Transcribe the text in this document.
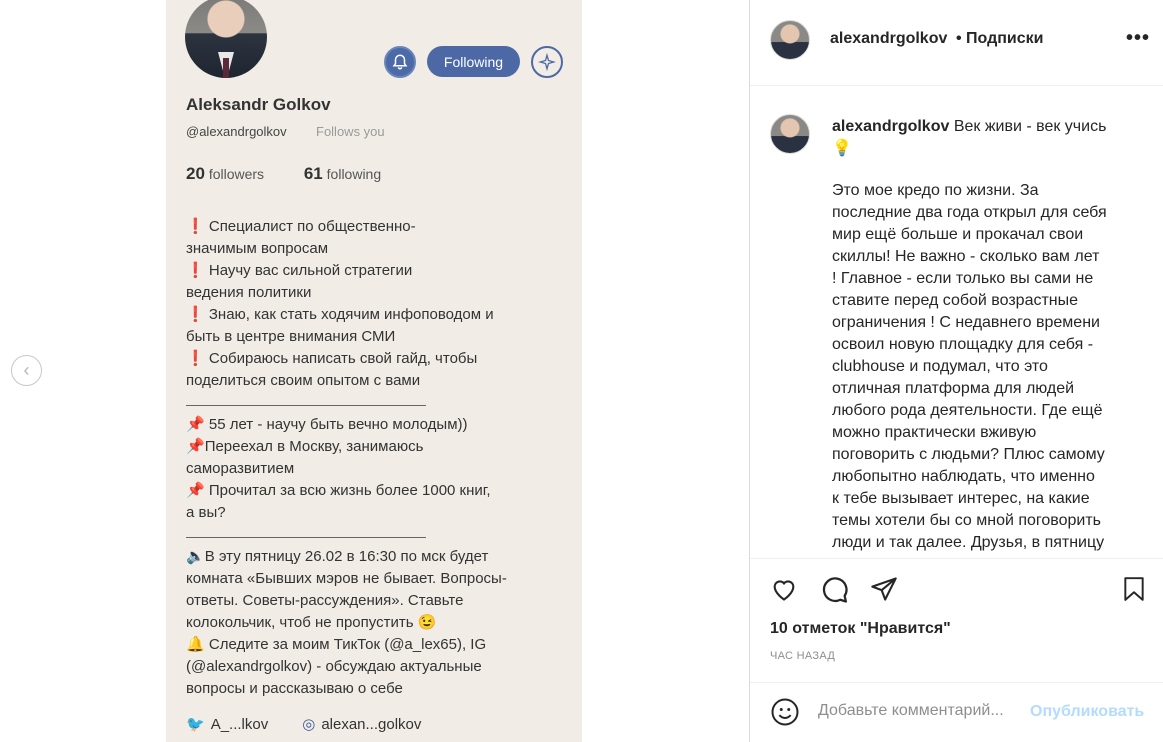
‹
Following
Aleksandr Golkov
@alexandrgolkov Follows you
20 followers 61 following
❗ Специалист по общественно-
значимым вопросам
❗ Научу вас сильной стратегии
ведения политики
❗ Знаю, как стать ходячим инфоповодом и
быть в центре внимания СМИ
❗ Собираюсь написать свой гайд, чтобы
поделиться своим опытом с вами
📌 55 лет - научу быть вечно молодым))
📌Переехал в Москву, занимаюсь
саморазвитием
📌 Прочитал за всю жизнь более 1000 книг,
а вы?
🔈В эту пятницу 26.02 в 16:30 по мск будет
комната «Бывших мэров не бывает. Вопросы-
ответы. Советы-рассуждения». Ставьте
колокольчик, чтоб не пропустить 😉
🔔 Следите за моим ТикТок (@a_lex65), IG
(@alexandrgolkov) - обсуждаю актуальные
вопросы и рассказываю о себе
🐦 A_...lkov ◎ alexan...golkov
alexandrgolkov • Подписки	•••
alexandrgolkov Век живи - век учись
💡
Это мое кредо по жизни. За
последние два года открыл для себя
мир ещё больше и прокачал свои
скиллы! Не важно - сколько вам лет
! Главное - если только вы сами не
ставите перед собой возрастные
ограничения ! С недавнего времени
освоил новую площадку для себя -
clubhouse и подумал, что это
отличная платформа для людей
любого рода деятельности. Где ещё
можно практически вживую
поговорить с людьми? Плюс самому
любопытно наблюдать, что именно
к тебе вызывает интерес, на какие
темы хотели бы со мной поговорить
люди и так далее. Друзья, в пятницу
10 отметок "Нравится"
ЧАС НАЗАД
Добавьте комментарий...
Опубликовать
